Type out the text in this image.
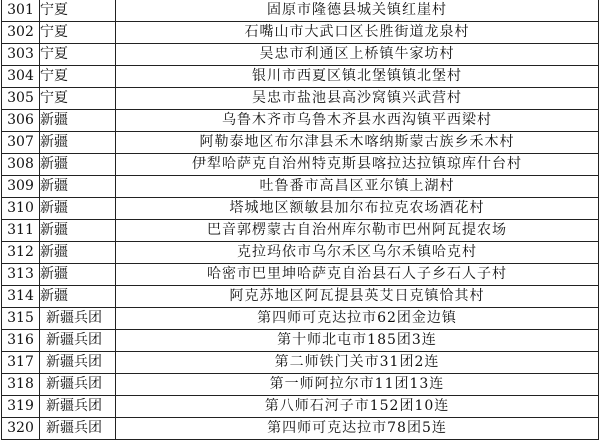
301	宁夏	固原市隆德县城关镇红崖村
302	宁夏	石嘴山市大武口区长胜街道龙泉村
303	宁夏	吴忠市利通区上桥镇牛家坊村
304	宁夏	银川市西夏区镇北堡镇镇北堡村
305	宁夏	吴忠市盐池县高沙窝镇兴武营村
306	新疆	乌鲁木齐市乌鲁木齐县水西沟镇平西梁村
307	新疆	阿勒泰地区布尔津县禾木喀纳斯蒙古族乡禾木村
308	新疆	伊犁哈萨克自治州特克斯县喀拉达拉镇琼库什台村
309	新疆	吐鲁番市高昌区亚尔镇上湖村
310	新疆	塔城地区额敏县加尔布拉克农场酒花村
311	新疆	巴音郭楞蒙古自治州库尔勒市巴州阿瓦提农场
312	新疆	克拉玛依市乌尔禾区乌尔禾镇哈克村
313	新疆	哈密市巴里坤哈萨克自治县石人子乡石人子村
314	新疆	阿克苏地区阿瓦提县英艾日克镇恰其村
315	新疆兵团	第四师可克达拉市62团金边镇
316	新疆兵团	第十师北屯市185团3连
317	新疆兵团	第二师铁门关市31团2连
318	新疆兵团	第一师阿拉尔市11团13连
319	新疆兵团	第八师石河子市152团10连
320	新疆兵团	第四师可克达拉市78团5连
